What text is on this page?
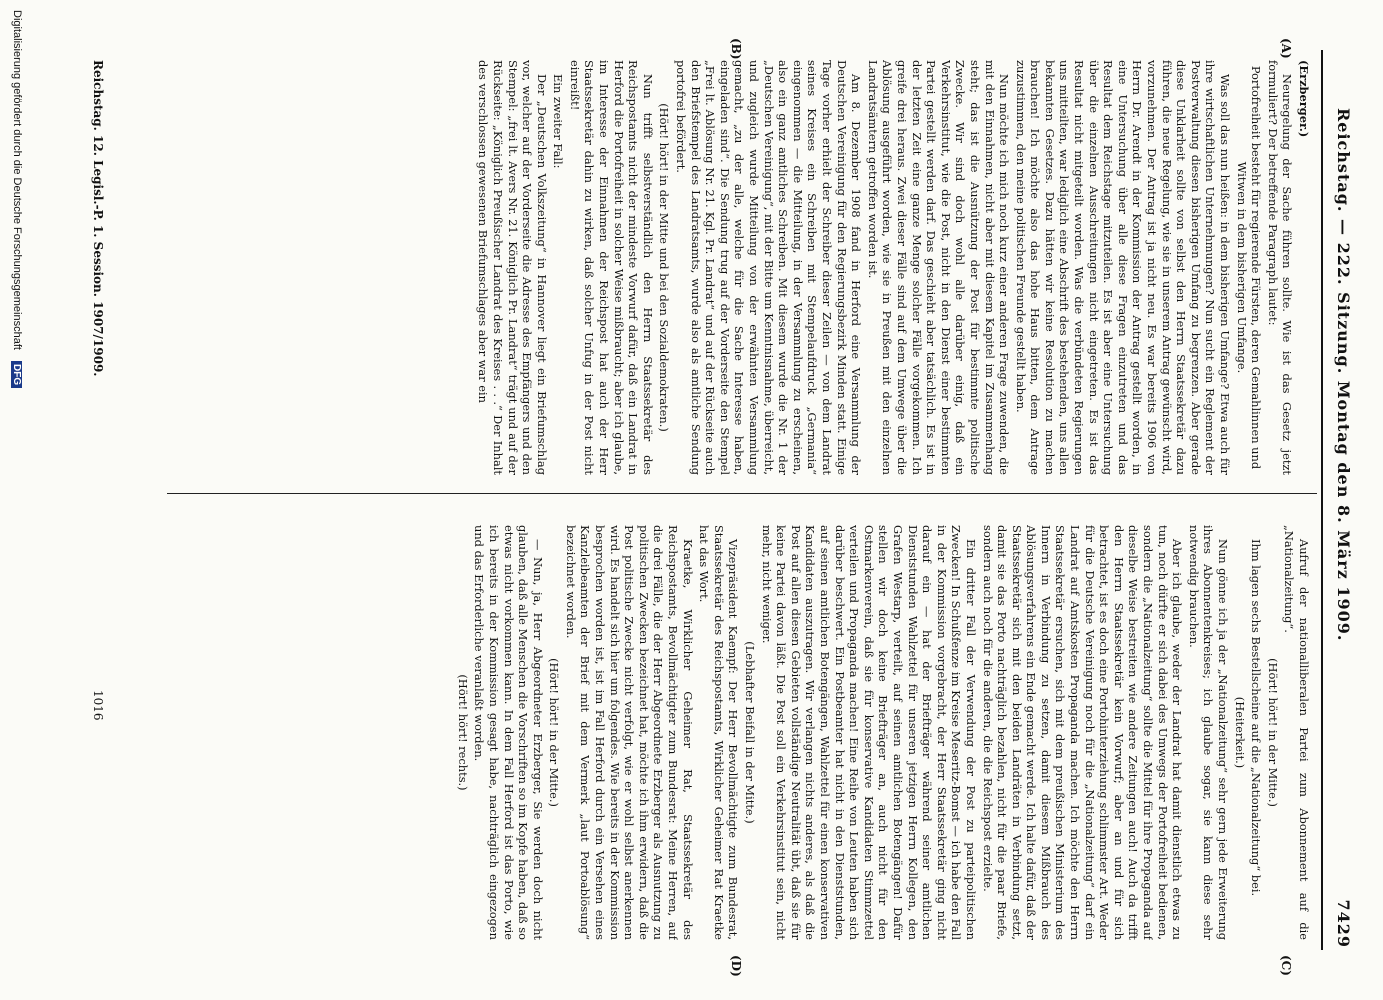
Reichstag. — 222. Sitzung. Montag den 8. März 1909.
7429
(A)
(B)
(C)
(D)

(Erzberger.)

Neuregelung der Sache führen sollte. Wie ist das Gesetz jetzt formuliert? Der betreffende Paragraph lautet:

Portofreiheit besteht für regierende Fürsten, deren Gemahlinnen und Witwen in dem bisherigen Umfange.

Was soll das nun heißen: in dem bisherigen Umfange? Etwa auch für ihre wirtschaftlichen Unternehmungen? Nun sucht ein Reglement der Postverwaltung diesen bisherigen Umfang zu begrenzen. Aber gerade diese Unklarheit sollte von selbst den Herrn Staatssekretär dazu führen, die neue Regelung, wie sie in unserem Antrag gewünscht wird, vorzunehmen. Der Antrag ist ja nicht neu. Es war bereits 1906 von Herrn Dr. Arendt in der Kommission der Antrag gestellt worden, in eine Untersuchung über alle diese Fragen einzutreten und das Resultat dem Reichstage mitzuteilen. Es ist aber eine Untersuchung über die einzelnen Ausschreitungen nicht eingetreten. Es ist das Resultat nicht mitgeteilt worden. Was die verbündeten Regierungen uns mitteilten, war lediglich eine Abschrift des bestehenden, uns allen bekannten Gesetzes. Dazu hätten wir keine Resolution zu machen brauchen! Ich möchte also das hohe Haus bitten, dem Antrage zuzustimmen, den meine politischen Freunde gestellt haben.

Nun möchte ich mich noch kurz einer anderen Frage zuwenden, die mit den Einnahmen, nicht aber mit diesem Kapitel im Zusammenhang steht; das ist die Ausnützung der Post für bestimmte politische Zwecke. Wir sind doch wohl alle darüber einig, daß ein Verkehrsinstitut, wie die Post, nicht in den Dienst einer bestimmten Partei gestellt werden darf. Das geschieht aber tatsächlich. Es ist in der letzten Zeit eine ganze Menge solcher Fälle vorgekommen. Ich greife drei heraus. Zwei dieser Fälle sind auf dem Umwege über die Ablösung ausgeführt worden, wie sie in Preußen mit den einzelnen Landratsämtern getroffen worden ist.

Am 8. Dezember 1908 fand in Herford eine Versammlung der Deutschen Vereinigung für den Regierungsbezirk Minden statt. Einige Tage vorher erhielt der Schreiber dieser Zeilen — von dem Landrat seines Kreises ein Schreiben mit Stempelaufdruck „Germania“ eingenommen — die Mitteilung, in der Versammlung zu erscheinen, also ein ganz amtliches Schreiben. Mit diesem wurde die Nr. 1 der „Deutschen Vereinigung“, mit der Bitte um Kenntnisnahme, überreicht, und zugleich wurde Mitteilung von der erwähnten Versammlung gemacht, „zu der alle, welche für die Sache Interesse haben, eingeladen sind“. Die Sendung trug auf der Vorderseite den Stempel „Frei lt. Ablösung Nr. 21. Kgl. Pr. Landrat“ und auf der Rückseite auch den Briefstempel des Landratsamts, wurde also als amtliche Sendung portofrei befördert.

(Hört! hört! in der Mitte und bei den Sozialdemokraten.)

Nun trifft selbstverständlich den Herrn Staatssekretär des Reichspostamts nicht der mindeste Vorwurf dafür, daß ein Landrat in Herford die Portofreiheit in solcher Weise mißbraucht; aber ich glaube, im Interesse der Einnahmen der Reichspost hat auch der Herr Staatssekretär dahin zu wirken, daß solcher Unfug in der Post nicht einreißt!

Ein zweiter Fall:

Der „Deutschen Volkszeitung“ in Hannover liegt ein Briefumschlag vor, welcher auf der Vorderseite die Adresse des Empfängers und den Stempel: „frei lt. Avers Nr. 21. Königlich Pr. Landrat“ trägt und auf der Rückseite: „Königlich Preußischer Landrat des Kreises . . .“ Der Inhalt des verschlossen gewesenen Briefumschlages aber war ein

Aufruf der nationalliberalen Partei zum Abonnement auf die „Nationalzeitung“.

(Hört! hört! in der Mitte.)

Ihm lagen sechs Bestellscheine auf die „Nationalzeitung“ bei.

(Heiterkeit.)

Nun gönne ich ja der „Nationalzeitung“ sehr gern jede Erweiterung ihres Abonnentenkreises; ich glaube sogar, sie kann diese sehr notwendig brauchen.

Aber ich glaube, weder der Landrat hat damit dienstlich etwas zu tun, noch dürfte er sich dabei des Umwegs der Portofreiheit bedienen, sondern die „Nationalzeitung“ sollte die Mittel für ihre Propaganda auf dieselbe Weise bestreiten wie andere Zeitungen auch! Auch da trifft den Herrn Staatssekretär kein Vorwurf; aber an und für sich betrachtet, ist es doch eine Portohinterziehung schlimmster Art. Weder für die Deutsche Vereinigung noch für die „Nationalzeitung“ darf ein Landrat auf Amtskosten Propaganda machen. Ich möchte den Herrn Staatssekretär ersuchen, sich mit dem preußischen Ministerium des Innern in Verbindung zu setzen, damit diesem Mißbrauch des Ablösungsverfahrens ein Ende gemacht werde. Ich halte dafür, daß der Staatssekretär sich mit den beiden Landräten in Verbindung setzt, damit sie das Porto nachträglich bezahlen, nicht für die paar Briefe, sondern auch noch für die anderen, die die Reichspost erzielte.

Ein dritter Fall der Verwendung der Post zu parteipolitischen Zwecken! In Schußfenze im Kreise Meseritz-Bomst — ich habe den Fall in der Kommission vorgebracht, der Herr Staatssekretär ging nicht darauf ein — hat der Briefträger während seiner amtlichen Dienststunden Wahlzettel für unseren jetzigen Herrn Kollegen, den Grafen Westarp, verteilt, auf seinen amtlichen Botengängen! Dafür stellen wir doch keine Briefträger an, auch nicht für den Ostmarkenverein, daß sie für konservative Kandidaten Stimmzettel verteilen und Propaganda machen! Eine Reihe von Leuten haben sich darüber beschwert. Ein Postbeamter hat nicht in den Dienststunden, auf seinen amtlichen Botengängen, Wahlzettel für einen konservativen Kandidaten auszutragen. Wir verlangen nichts anderes, als daß die Post auf allen diesen Gebieten vollständige Neutralität übt, daß sie für keine Partei davon läßt. Die Post soll ein Verkehrsinstitut sein, nicht mehr, nicht weniger.

(Lebhafter Beifall in der Mitte.)

Vizepräsident Kaempf: Der Herr Bevollmächtigte zum Bundesrat, Staatssekretär des Reichspostamts, Wirklicher Geheimer Rat Kraetke hat das Wort.

Kraetke, Wirklicher Geheimer Rat, Staatssekretär des Reichspostamts, Bevollmächtigter zum Bundesrat: Meine Herren, auf die drei Fälle, die der Herr Abgeordnete Erzberger als Ausnutzung zu politischen Zwecken bezeichnet hat, möchte ich ihm erwidern, daß die Post politische Zwecke nicht verfolgt, wie er wohl selbst anerkennen wird. Es handelt sich hier um folgendes. Wie bereits in der Kommission besprochen worden ist, ist im Fall Herford durch ein Versehen eines Kanzleibeamten der Brief mit dem Vermerk „laut Portoablösung“ bezeichnet worden.

(Hört! hört! in der Mitte.)

— Nun, ja, Herr Abgeordneter Erzberger, Sie werden doch nicht glauben, daß alle Menschen die Vorschriften so im Kopfe haben, daß so etwas nicht vorkommen kann. In dem Fall Herford ist das Porto, wie ich bereits in der Kommission gesagt habe, nachträglich eingezogen und das Erforderliche veranlaßt worden.

(Hört! hört! rechts.)

Reichstag. 12. Legisl.-P. 1. Session. 1907/1909.
1016
Digitalisierung gefördert durch die Deutsche Forschungsgemeinschaft DFG
